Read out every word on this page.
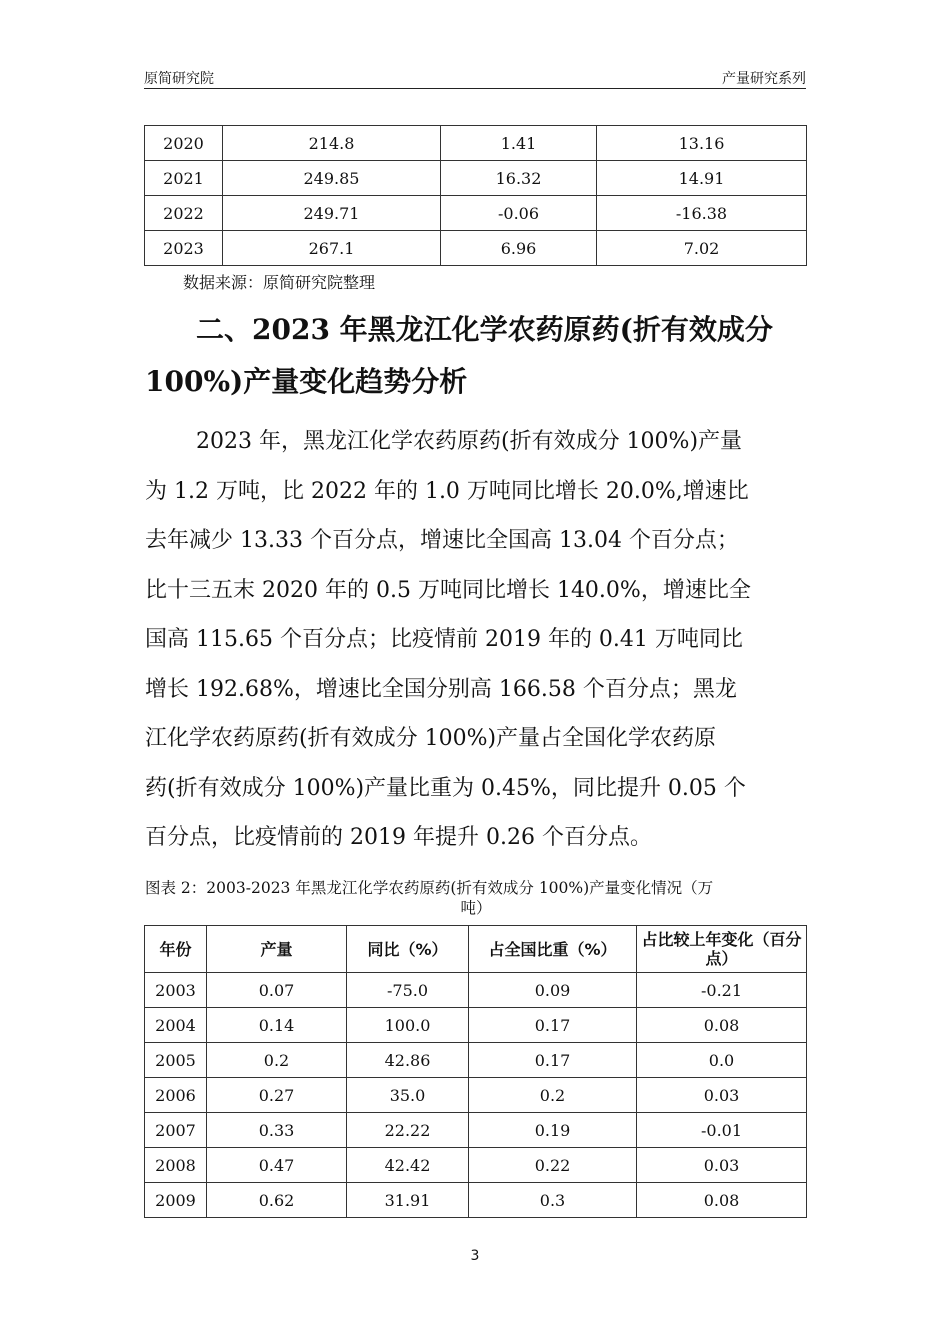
原简研究院	产量研究系列
2020	214.8	1.41	13.16
2021	249.85	16.32	14.91
2022	249.71	-0.06	-16.38
2023	267.1	6.96	7.02
数据来源：原简研究院整理
二、2023 年黑龙江化学农药原药(折有效成分
100%)产量变化趋势分析
2023 年，黑龙江化学农药原药(折有效成分 100%)产量
为 1.2 万吨，比 2022 年的 1.0 万吨同比增长 20.0%,增速比
去年减少 13.33 个百分点，增速比全国高 13.04 个百分点；
比十三五末 2020 年的 0.5 万吨同比增长 140.0%，增速比全
国高 115.65 个百分点；比疫情前 2019 年的 0.41 万吨同比
增长 192.68%，增速比全国分别高 166.58 个百分点；黑龙
江化学农药原药(折有效成分 100%)产量占全国化学农药原
药(折有效成分 100%)产量比重为 0.45%，同比提升 0.05 个
百分点，比疫情前的 2019 年提升 0.26 个百分点。
图表 2：2003-2023 年黑龙江化学农药原药(折有效成分 100%)产量变化情况（万
吨）
年份	产量	同比（%）	占全国比重（%）	占比较上年变化（百分点）
2003	0.07	-75.0	0.09	-0.21
2004	0.14	100.0	0.17	0.08
2005	0.2	42.86	0.17	0.0
2006	0.27	35.0	0.2	0.03
2007	0.33	22.22	0.19	-0.01
2008	0.47	42.42	0.22	0.03
2009	0.62	31.91	0.3	0.08
3
